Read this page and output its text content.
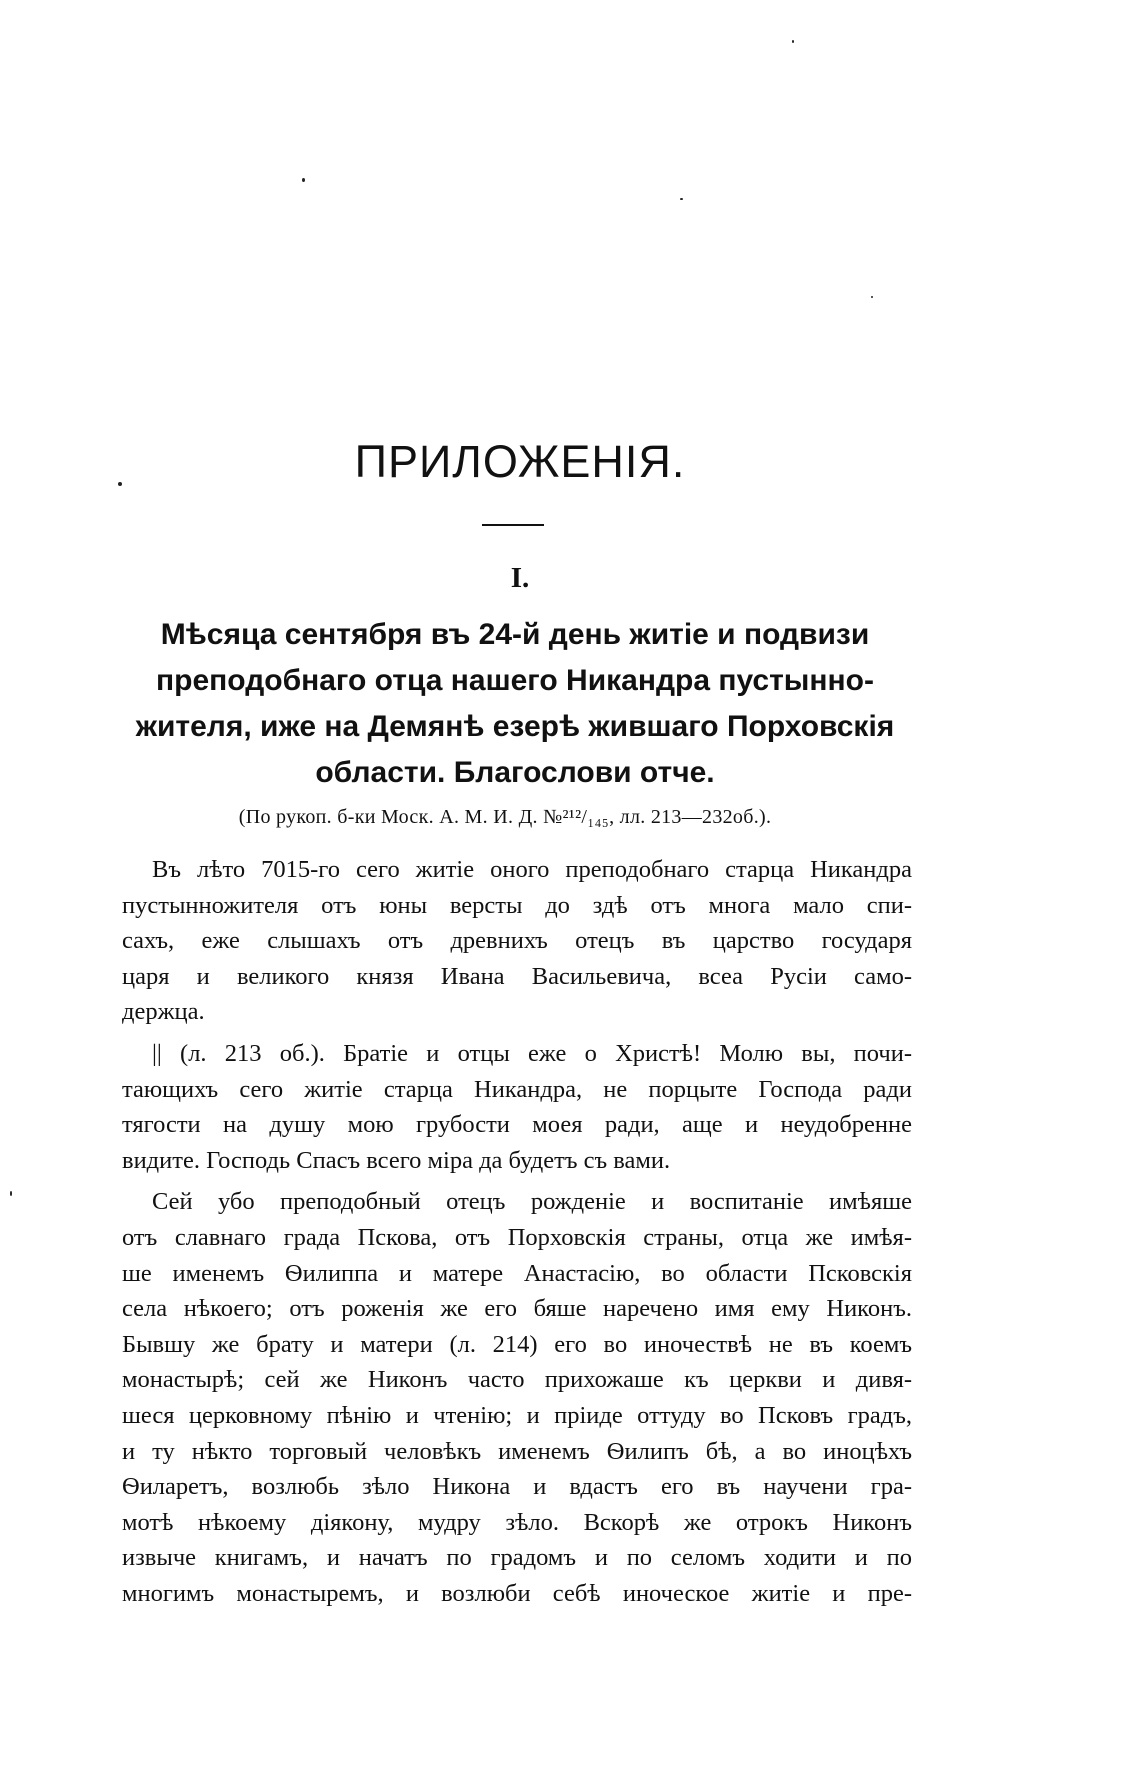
ПРИЛОЖЕНІЯ.
I.
Мѣсяца сентября въ 24-й день житіе и подвизи
преподобнаго отца нашего Никандра пустынно-
жителя, иже на Демянѣ езерѣ жившаго Порховскія
области. Благослови отче.
(По рукоп. б-ки Моск. А. М. И. Д. №²¹²/₁₄₅, лл. 213—232об.).
Въ лѣто 7015-го сего житіе оного преподобнаго старца Никандра
пустынножителя отъ юны версты до здѣ отъ многа мало спи-
сахъ, еже слышахъ отъ древнихъ отецъ въ царство государя
царя и великого князя Ивана Васильевича, всеа Русіи само-
держца.
|| (л. 213 об.). Братіе и отцы еже о Христѣ! Молю вы, почи-
тающихъ сего житіе старца Никандра, не порцыте Господа ради
тягости на душу мою грубости моея ради, аще и неудобренне
видите. Господь Спасъ всего міра да будетъ съ вами.
Сей убо преподобный отецъ рожденіе и воспитаніе имѣяше
отъ славнаго града Пскова, отъ Порховскія страны, отца же имѣя-
ше именемъ Ѳилиппа и матере Анастасію, во области Псковскія
села нѣкоего; отъ роженія же его бяше наречено имя ему Никонъ.
Бывшу же брату и матери (л. 214) его во иночествѣ не въ коемъ
монастырѣ; сей же Никонъ часто прихожаше къ церкви и дивя-
шеся церковному пѣнію и чтенію; и пріиде оттуду во Псковъ градъ,
и ту нѣкто торговый человѣкъ именемъ Ѳилипъ бѣ, а во иноцѣхъ
Ѳиларетъ, возлюбь зѣло Никона и вдастъ его въ научени гра-
мотѣ нѣкоему діякону, мудру зѣло. Вскорѣ же отрокъ Никонъ
извыче книгамъ, и начатъ по градомъ и по селомъ ходити и по
многимъ монастыремъ, и возлюби себѣ иноческое житіе и пре-
